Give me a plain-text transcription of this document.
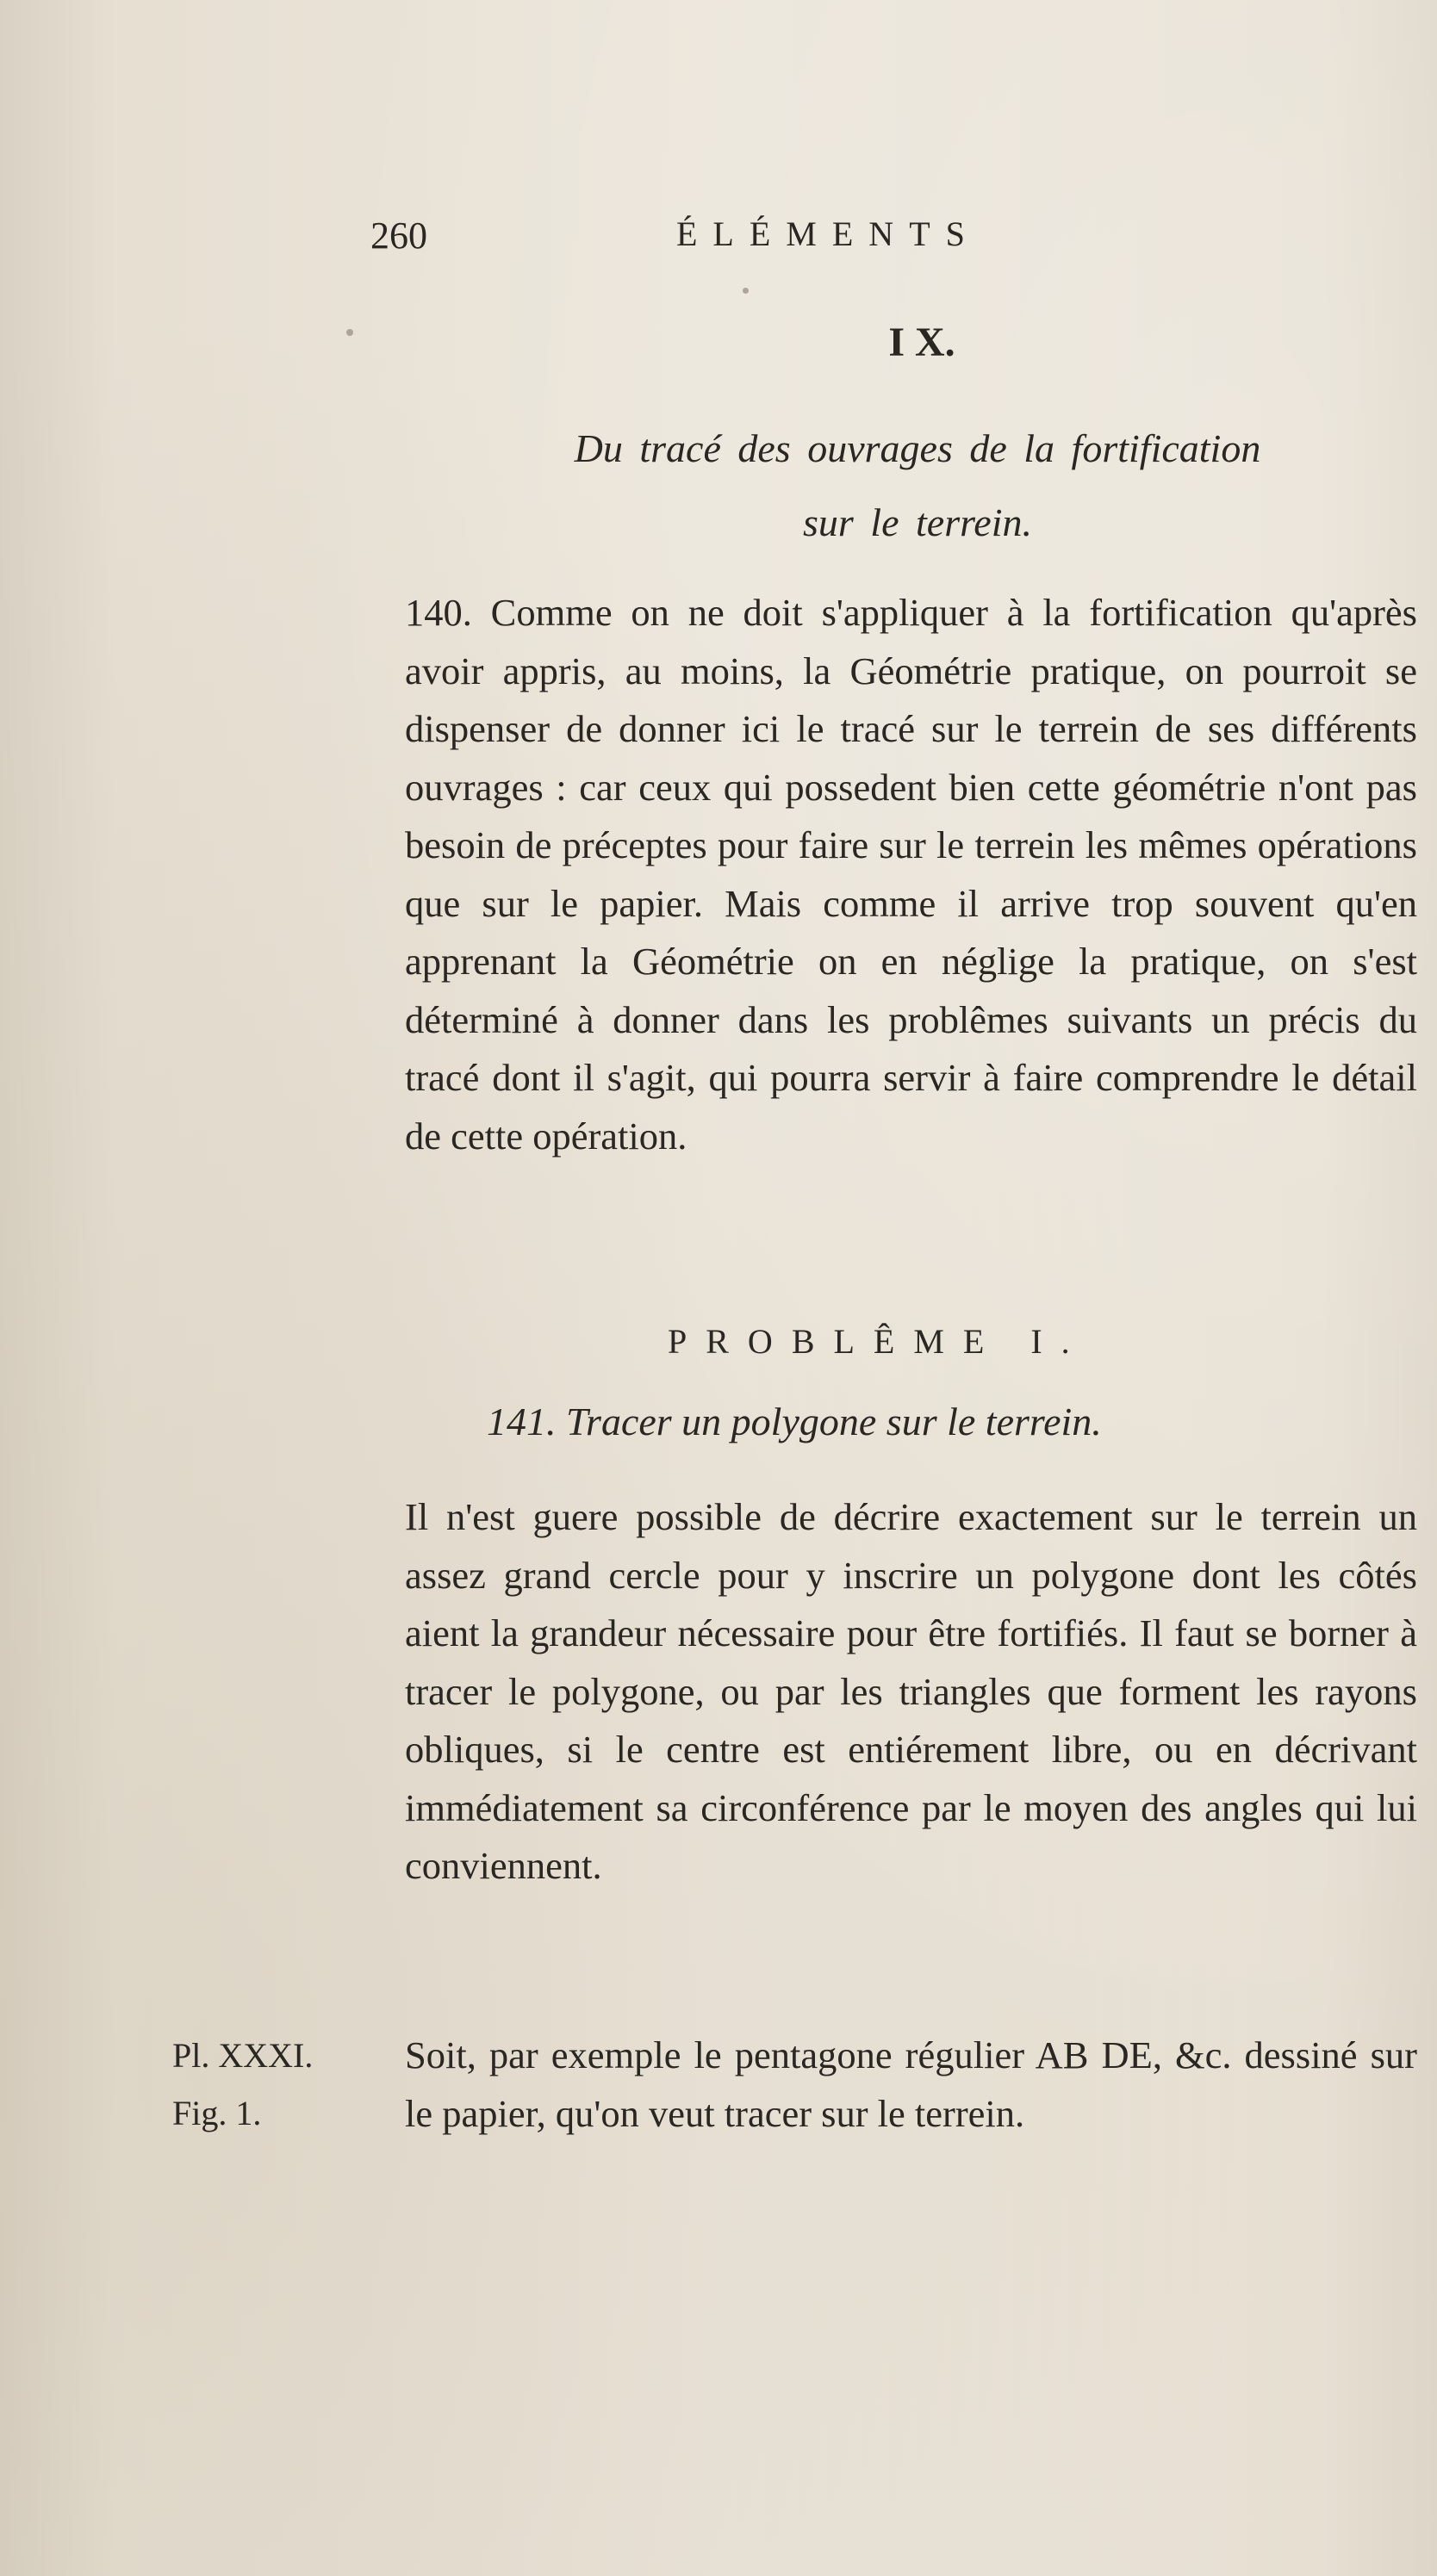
260	ÉLÉMENTS
I X.
Du tracé des ouvrages de la fortification
sur le terrein.
140. Comme on ne doit s'appliquer à la fortification qu'après avoir appris, au moins, la Géométrie pratique, on pourroit se dispenser de donner ici le tracé sur le terrein de ses différents ouvrages : car ceux qui possedent bien cette géométrie n'ont pas besoin de préceptes pour faire sur le terrein les mêmes opérations que sur le papier. Mais comme il arrive trop souvent qu'en apprenant la Géométrie on en néglige la pratique, on s'est déterminé à donner dans les problêmes suivants un précis du tracé dont il s'agit, qui pourra servir à faire comprendre le détail de cette opération.
PROBLÊME I.
141. Tracer un polygone sur le terrein.
Il n'est guere possible de décrire exactement sur le terrein un assez grand cercle pour y inscrire un polygone dont les côtés aient la grandeur nécessaire pour être fortifiés. Il faut se borner à tracer le polygone, ou par les triangles que forment les rayons obliques, si le centre est entiérement libre, ou en décrivant immédiatement sa circonférence par le moyen des angles qui lui conviennent.
Pl. XXXI.
Fig. 1.
Soit, par exemple le pentagone régulier AB DE, &c. dessiné sur le papier, qu'on veut tracer sur le terrein.
